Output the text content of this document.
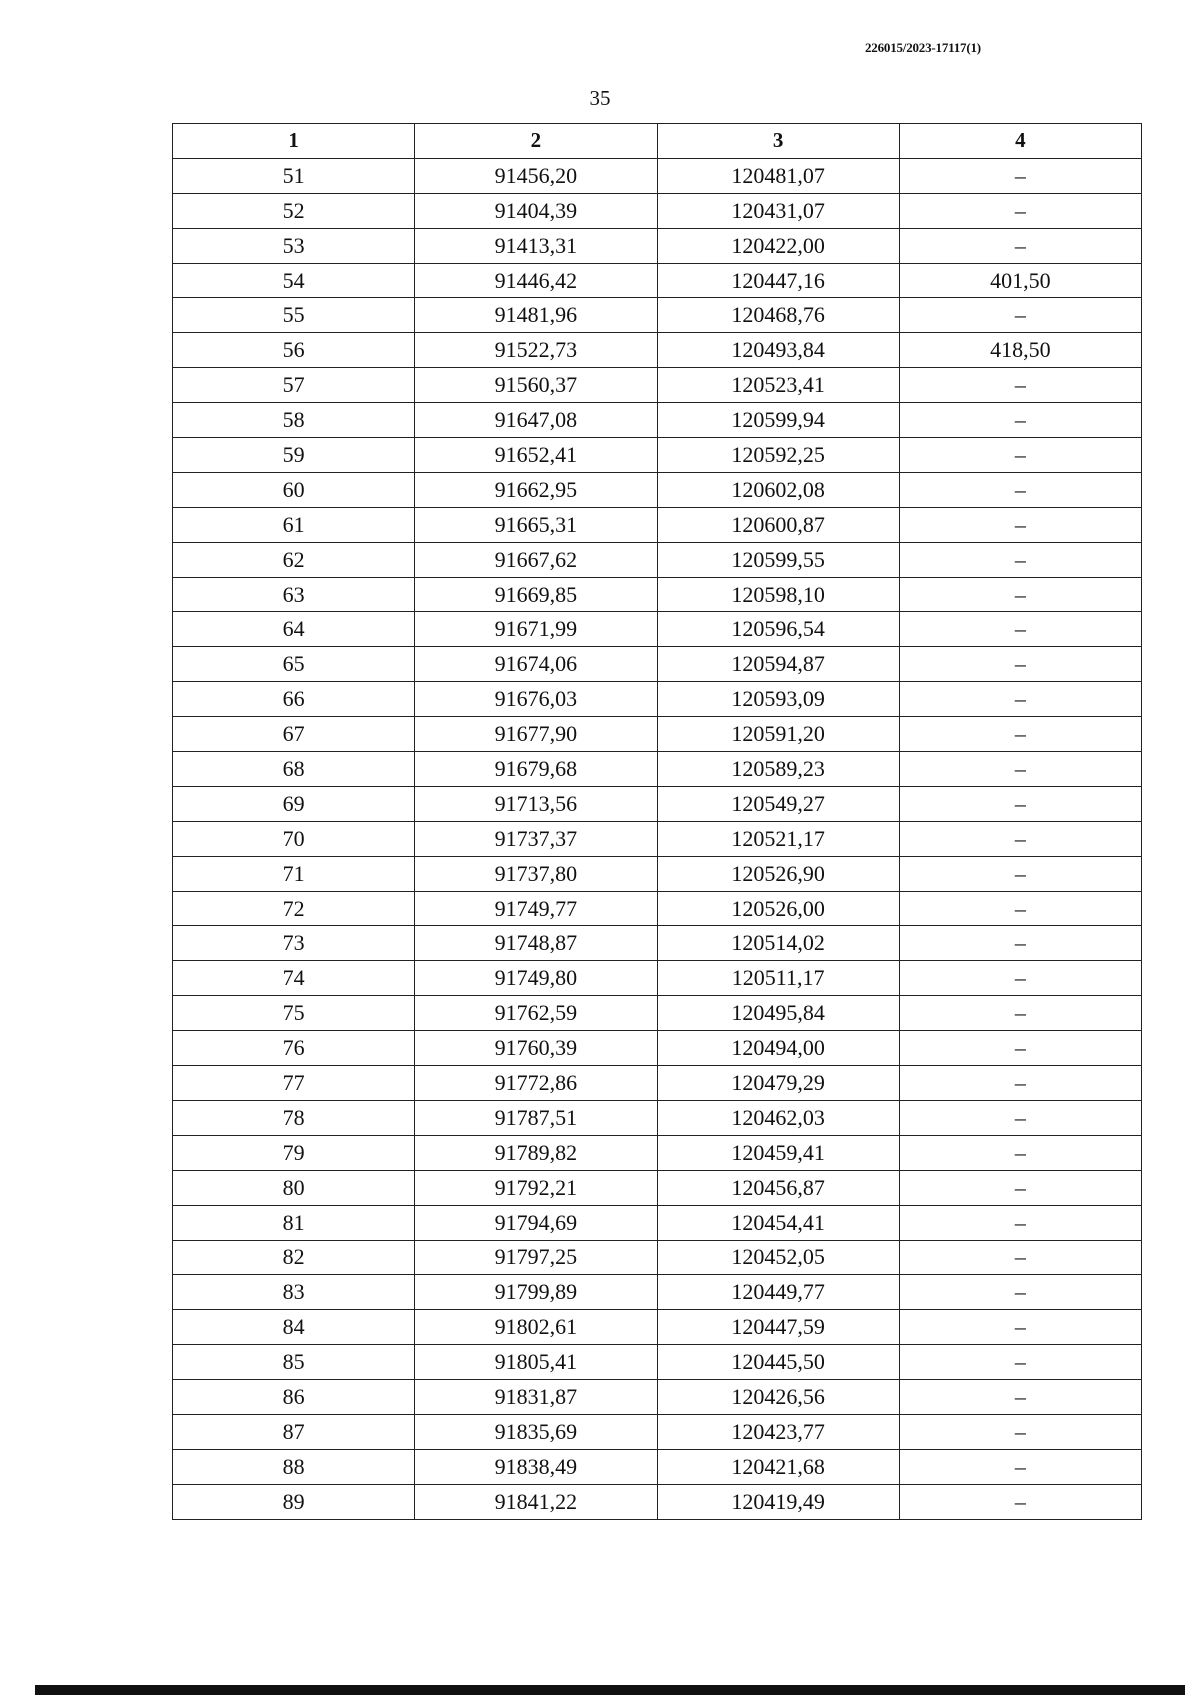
226015/2023-17117(1)
35
1	2	3	4
51	91456,20	120481,07	–
52	91404,39	120431,07	–
53	91413,31	120422,00	–
54	91446,42	120447,16	401,50
55	91481,96	120468,76	–
56	91522,73	120493,84	418,50
57	91560,37	120523,41	–
58	91647,08	120599,94	–
59	91652,41	120592,25	–
60	91662,95	120602,08	–
61	91665,31	120600,87	–
62	91667,62	120599,55	–
63	91669,85	120598,10	–
64	91671,99	120596,54	–
65	91674,06	120594,87	–
66	91676,03	120593,09	–
67	91677,90	120591,20	–
68	91679,68	120589,23	–
69	91713,56	120549,27	–
70	91737,37	120521,17	–
71	91737,80	120526,90	–
72	91749,77	120526,00	–
73	91748,87	120514,02	–
74	91749,80	120511,17	–
75	91762,59	120495,84	–
76	91760,39	120494,00	–
77	91772,86	120479,29	–
78	91787,51	120462,03	–
79	91789,82	120459,41	–
80	91792,21	120456,87	–
81	91794,69	120454,41	–
82	91797,25	120452,05	–
83	91799,89	120449,77	–
84	91802,61	120447,59	–
85	91805,41	120445,50	–
86	91831,87	120426,56	–
87	91835,69	120423,77	–
88	91838,49	120421,68	–
89	91841,22	120419,49	–
